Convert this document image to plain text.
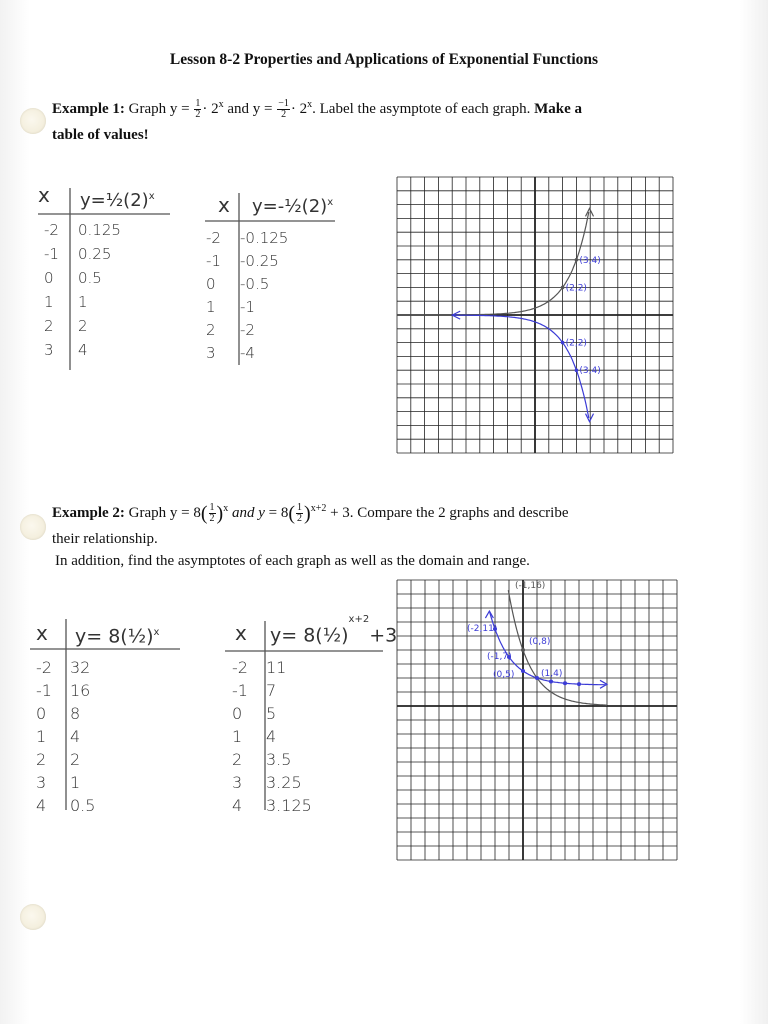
Lesson 8-2 Properties and Applications of Exponential Functions
Example 1: Graph $y = \frac{1}{2} \cdot 2^x$ and $y = \frac{-1}{2} \cdot 2^x$. Label the asymptote of each graph. Make a
table of values!
x $y=\frac{1}{2}(2)^x$
-2	0.125
-1	0.25
0	0.5
1	1
2	2
3	4
x $y=-\frac{1}{2}(2)^x$
-2	-0.125
-1	-0.25
0	-0.5
1	-1
2	-2
3	-4
(3,4)
(2,2)
(2,2)
(3,4)
Example 2: Graph $y = 8( \frac{1}{2} )^x$ and $y = 8( \frac{1}{2} )^{x+2} + 3$. Compare the 2 graphs and describe
their relationship.
In addition, find the asymptotes of each graph as well as the domain and range.
x y= 8(½)$^x$
-2	32
-1	16
0	8
1	4
2	2
3	1
4	0.5
x y= 8(½)$^{x+2}$+3
-2	11
-1	7
0	5
1	4
2	3.5
3	3.25
4	3.125
(-1,16)
(-2,11)
(0,8)
(-1,7)
(0,5)	(1,4)
